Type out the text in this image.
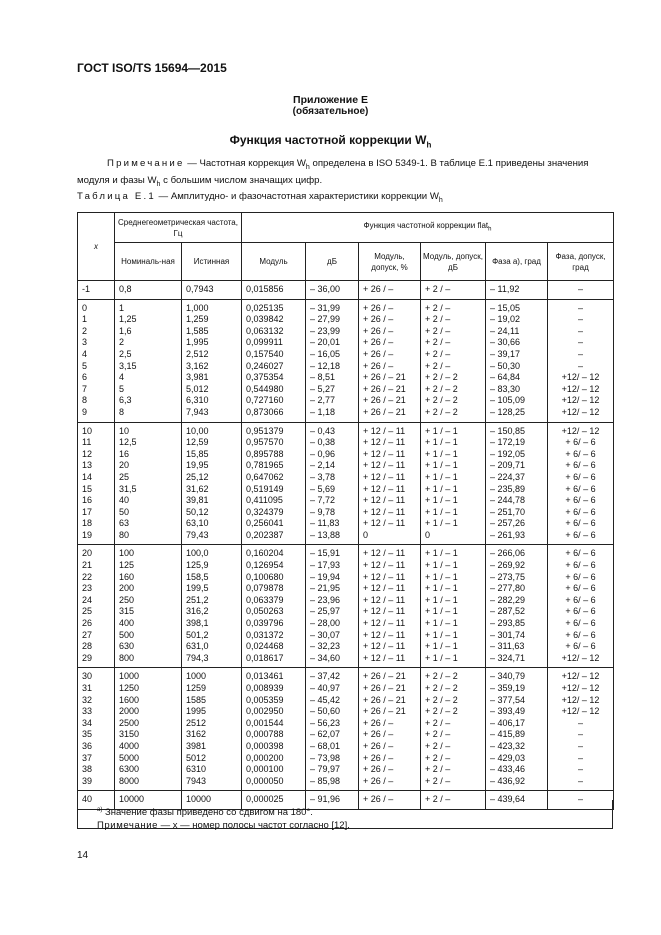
ГОСТ ISO/TS 15694—2015
Приложение Е
(обязательное)
Функция частотной коррекции $W_h$
Примечание — Частотная коррекция $W_h$ определена в ISO 5349-1. В таблице Е.1 приведены значения модуля и фазы $W_h$ с большим числом значащих цифр.
Таблица Е.1 — Амплитудно- и фазочастотная характеристики коррекции $W_h$
x	Среднегеометрическая частота, Гц		Функция частотной коррекции flat$_h$
	Номиналь-ная	Истинная	Модуль	дБ	Модуль, допуск, %	Модуль, допуск, дБ	Фаза a), град	Фаза, допуск, град
-1	0,8	0,7943	0,015856	– 36,00	+ 26 / –	+ 2 / –	– 11,92	–
0	1	1,000	0,025135	– 31,99	+ 26 / –	+ 2 / –	– 15,05	–
1	1,25	1,259	0,039842	– 27,99	+ 26 / –	+ 2 / –	– 19,02	–
2	1,6	1,585	0,063132	– 23,99	+ 26 / –	+ 2 / –	– 24,11	–
3	2	1,995	0,099911	– 20,01	+ 26 / –	+ 2 / –	– 30,66	–
4	2,5	2,512	0,157540	– 16,05	+ 26 / –	+ 2 / –	– 39,17	–
5	3,15	3,162	0,246027	– 12,18	+ 26 / –	+ 2 / –	– 50,30	–
6	4	3,981	0,375354	– 8,51	+ 26 / – 21	+ 2 / – 2	– 64,84	+12/ – 12
7	5	5,012	0,544980	– 5,27	+ 26 / – 21	+ 2 / – 2	– 83,30	+12/ – 12
8	6,3	6,310	0,727160	– 2,77	+ 26 / – 21	+ 2 / – 2	– 105,09	+12/ – 12
9	8	7,943	0,873066	– 1,18	+ 26 / – 21	+ 2 / – 2	– 128,25	+12/ – 12
10	10	10,00	0,951379	– 0,43	+ 12 / – 11	+ 1 / – 1	– 150,85	+12/ – 12
11	12,5	12,59	0,957570	– 0,38	+ 12 / – 11	+ 1 / – 1	– 172,19	+ 6/ – 6
12	16	15,85	0,895788	– 0,96	+ 12 / – 11	+ 1 / – 1	– 192,05	+ 6/ – 6
13	20	19,95	0,781965	– 2,14	+ 12 / – 11	+ 1 / – 1	– 209,71	+ 6/ – 6
14	25	25,12	0,647062	– 3,78	+ 12 / – 11	+ 1 / – 1	– 224,37	+ 6/ – 6
15	31,5	31,62	0,519149	– 5,69	+ 12 / – 11	+ 1 / – 1	– 235,89	+ 6/ – 6
16	40	39,81	0,411095	– 7,72	+ 12 / – 11	+ 1 / – 1	– 244,78	+ 6/ – 6
17	50	50,12	0,324379	– 9,78	+ 12 / – 11	+ 1 / – 1	– 251,70	+ 6/ – 6
18	63	63,10	0,256041	– 11,83	+ 12 / – 11	+ 1 / – 1	– 257,26	+ 6/ – 6
19	80	79,43	0,202387	– 13,88	0	0	– 261,93	+ 6/ – 6
20	100	100,0	0,160204	– 15,91	+ 12 / – 11	+ 1 / – 1	– 266,06	+ 6/ – 6
21	125	125,9	0,126954	– 17,93	+ 12 / – 11	+ 1 / – 1	– 269,92	+ 6/ – 6
22	160	158,5	0,100680	– 19,94	+ 12 / – 11	+ 1 / – 1	– 273,75	+ 6/ – 6
23	200	199,5	0,079878	– 21,95	+ 12 / – 11	+ 1 / – 1	– 277,80	+ 6/ – 6
24	250	251,2	0,063379	– 23,96	+ 12 / – 11	+ 1 / – 1	– 282,29	+ 6/ – 6
25	315	316,2	0,050263	– 25,97	+ 12 / – 11	+ 1 / – 1	– 287,52	+ 6/ – 6
26	400	398,1	0,039796	– 28,00	+ 12 / – 11	+ 1 / – 1	– 293,85	+ 6/ – 6
27	500	501,2	0,031372	– 30,07	+ 12 / – 11	+ 1 / – 1	– 301,74	+ 6/ – 6
28	630	631,0	0,024468	– 32,23	+ 12 / – 11	+ 1 / – 1	– 311,63	+ 6/ – 6
29	800	794,3	0,018617	– 34,60	+ 12 / – 11	+ 1 / – 1	– 324,71	+12/ – 12
30	1000	1000	0,013461	– 37,42	+ 26 / – 21	+ 2 / – 2	– 340,79	+12/ – 12
31	1250	1259	0,008939	– 40,97	+ 26 / – 21	+ 2 / – 2	– 359,19	+12/ – 12
32	1600	1585	0,005359	– 45,42	+ 26 / – 21	+ 2 / – 2	– 377,54	+12/ – 12
33	2000	1995	0,002950	– 50,60	+ 26 / – 21	+ 2 / – 2	– 393,49	+12/ – 12
34	2500	2512	0,001544	– 56,23	+ 26 / –	+ 2 / –	– 406,17	–
35	3150	3162	0,000788	– 62,07	+ 26 / –	+ 2 / –	– 415,89	–
36	4000	3981	0,000398	– 68,01	+ 26 / –	+ 2 / –	– 423,32	–
37	5000	5012	0,000200	– 73,98	+ 26 / –	+ 2 / –	– 429,03	–
38	6300	6310	0,000100	– 79,97	+ 26 / –	+ 2 / –	– 433,46	–
39	8000	7943	0,000050	– 85,98	+ 26 / –	+ 2 / –	– 436,92	–
40	10000	10000	0,000025	– 91,96	+ 26 / –	+ 2 / –	– 439,64	–
$^{a)}$ Значение фазы приведено со сдвигом на 180°.
Примечание — x — номер полосы частот согласно [12].
14
